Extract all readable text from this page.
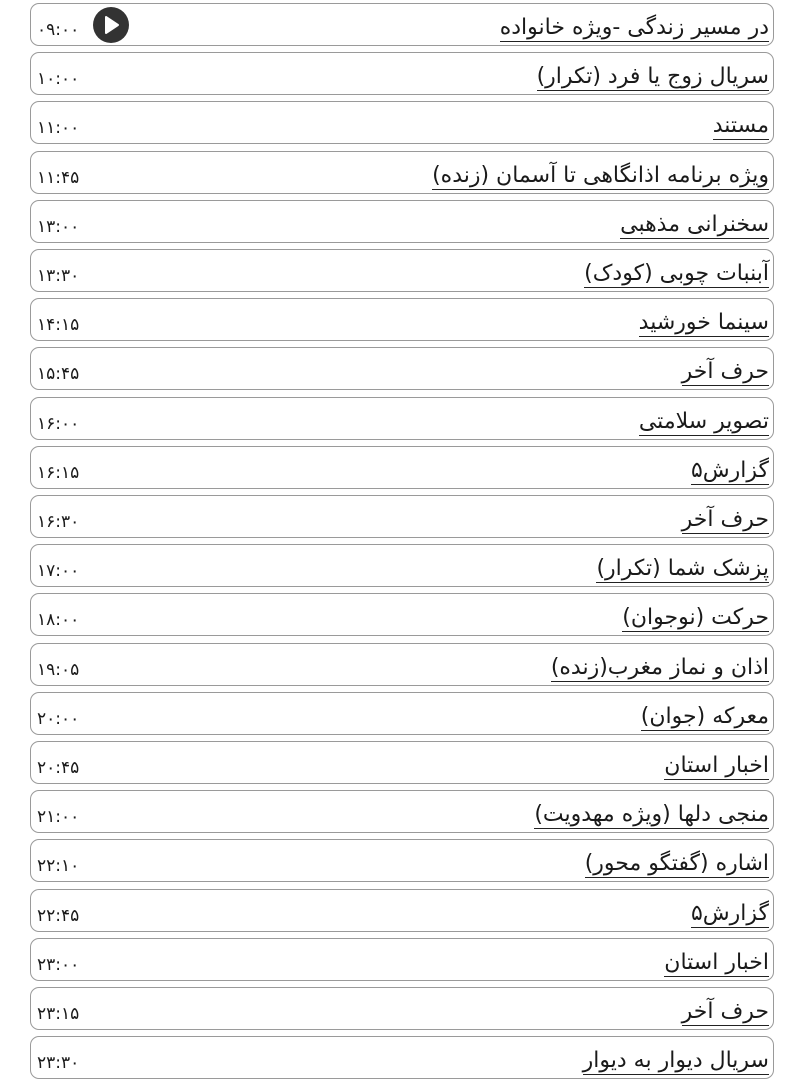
در مسیر زندگی -ویژه خانواده
۰۹:۰۰
سریال زوج یا فرد (تکرار)
۱۰:۰۰
مستند
۱۱:۰۰
ویژه برنامه اذانگاهی تا آسمان (زنده)
۱۱:۴۵
سخنرانی مذهبی
۱۳:۰۰
آبنبات چوبی (کودک)
۱۳:۳۰
سینما خورشید
۱۴:۱۵
حرف آخر
۱۵:۴۵
تصویر سلامتی
۱۶:۰۰
گزارش۵
۱۶:۱۵
حرف آخر
۱۶:۳۰
پزشک شما (تکرار)
۱۷:۰۰
حرکت (نوجوان)
۱۸:۰۰
اذان و نماز مغرب(زنده)
۱۹:۰۵
معرکه (جوان)
۲۰:۰۰
اخبار استان
۲۰:۴۵
منجی دلها (ویژه مهدویت)
۲۱:۰۰
اشاره (گفتگو محور)
۲۲:۱۰
گزارش۵
۲۲:۴۵
اخبار استان
۲۳:۰۰
حرف آخر
۲۳:۱۵
سریال دیوار به دیوار
۲۳:۳۰
